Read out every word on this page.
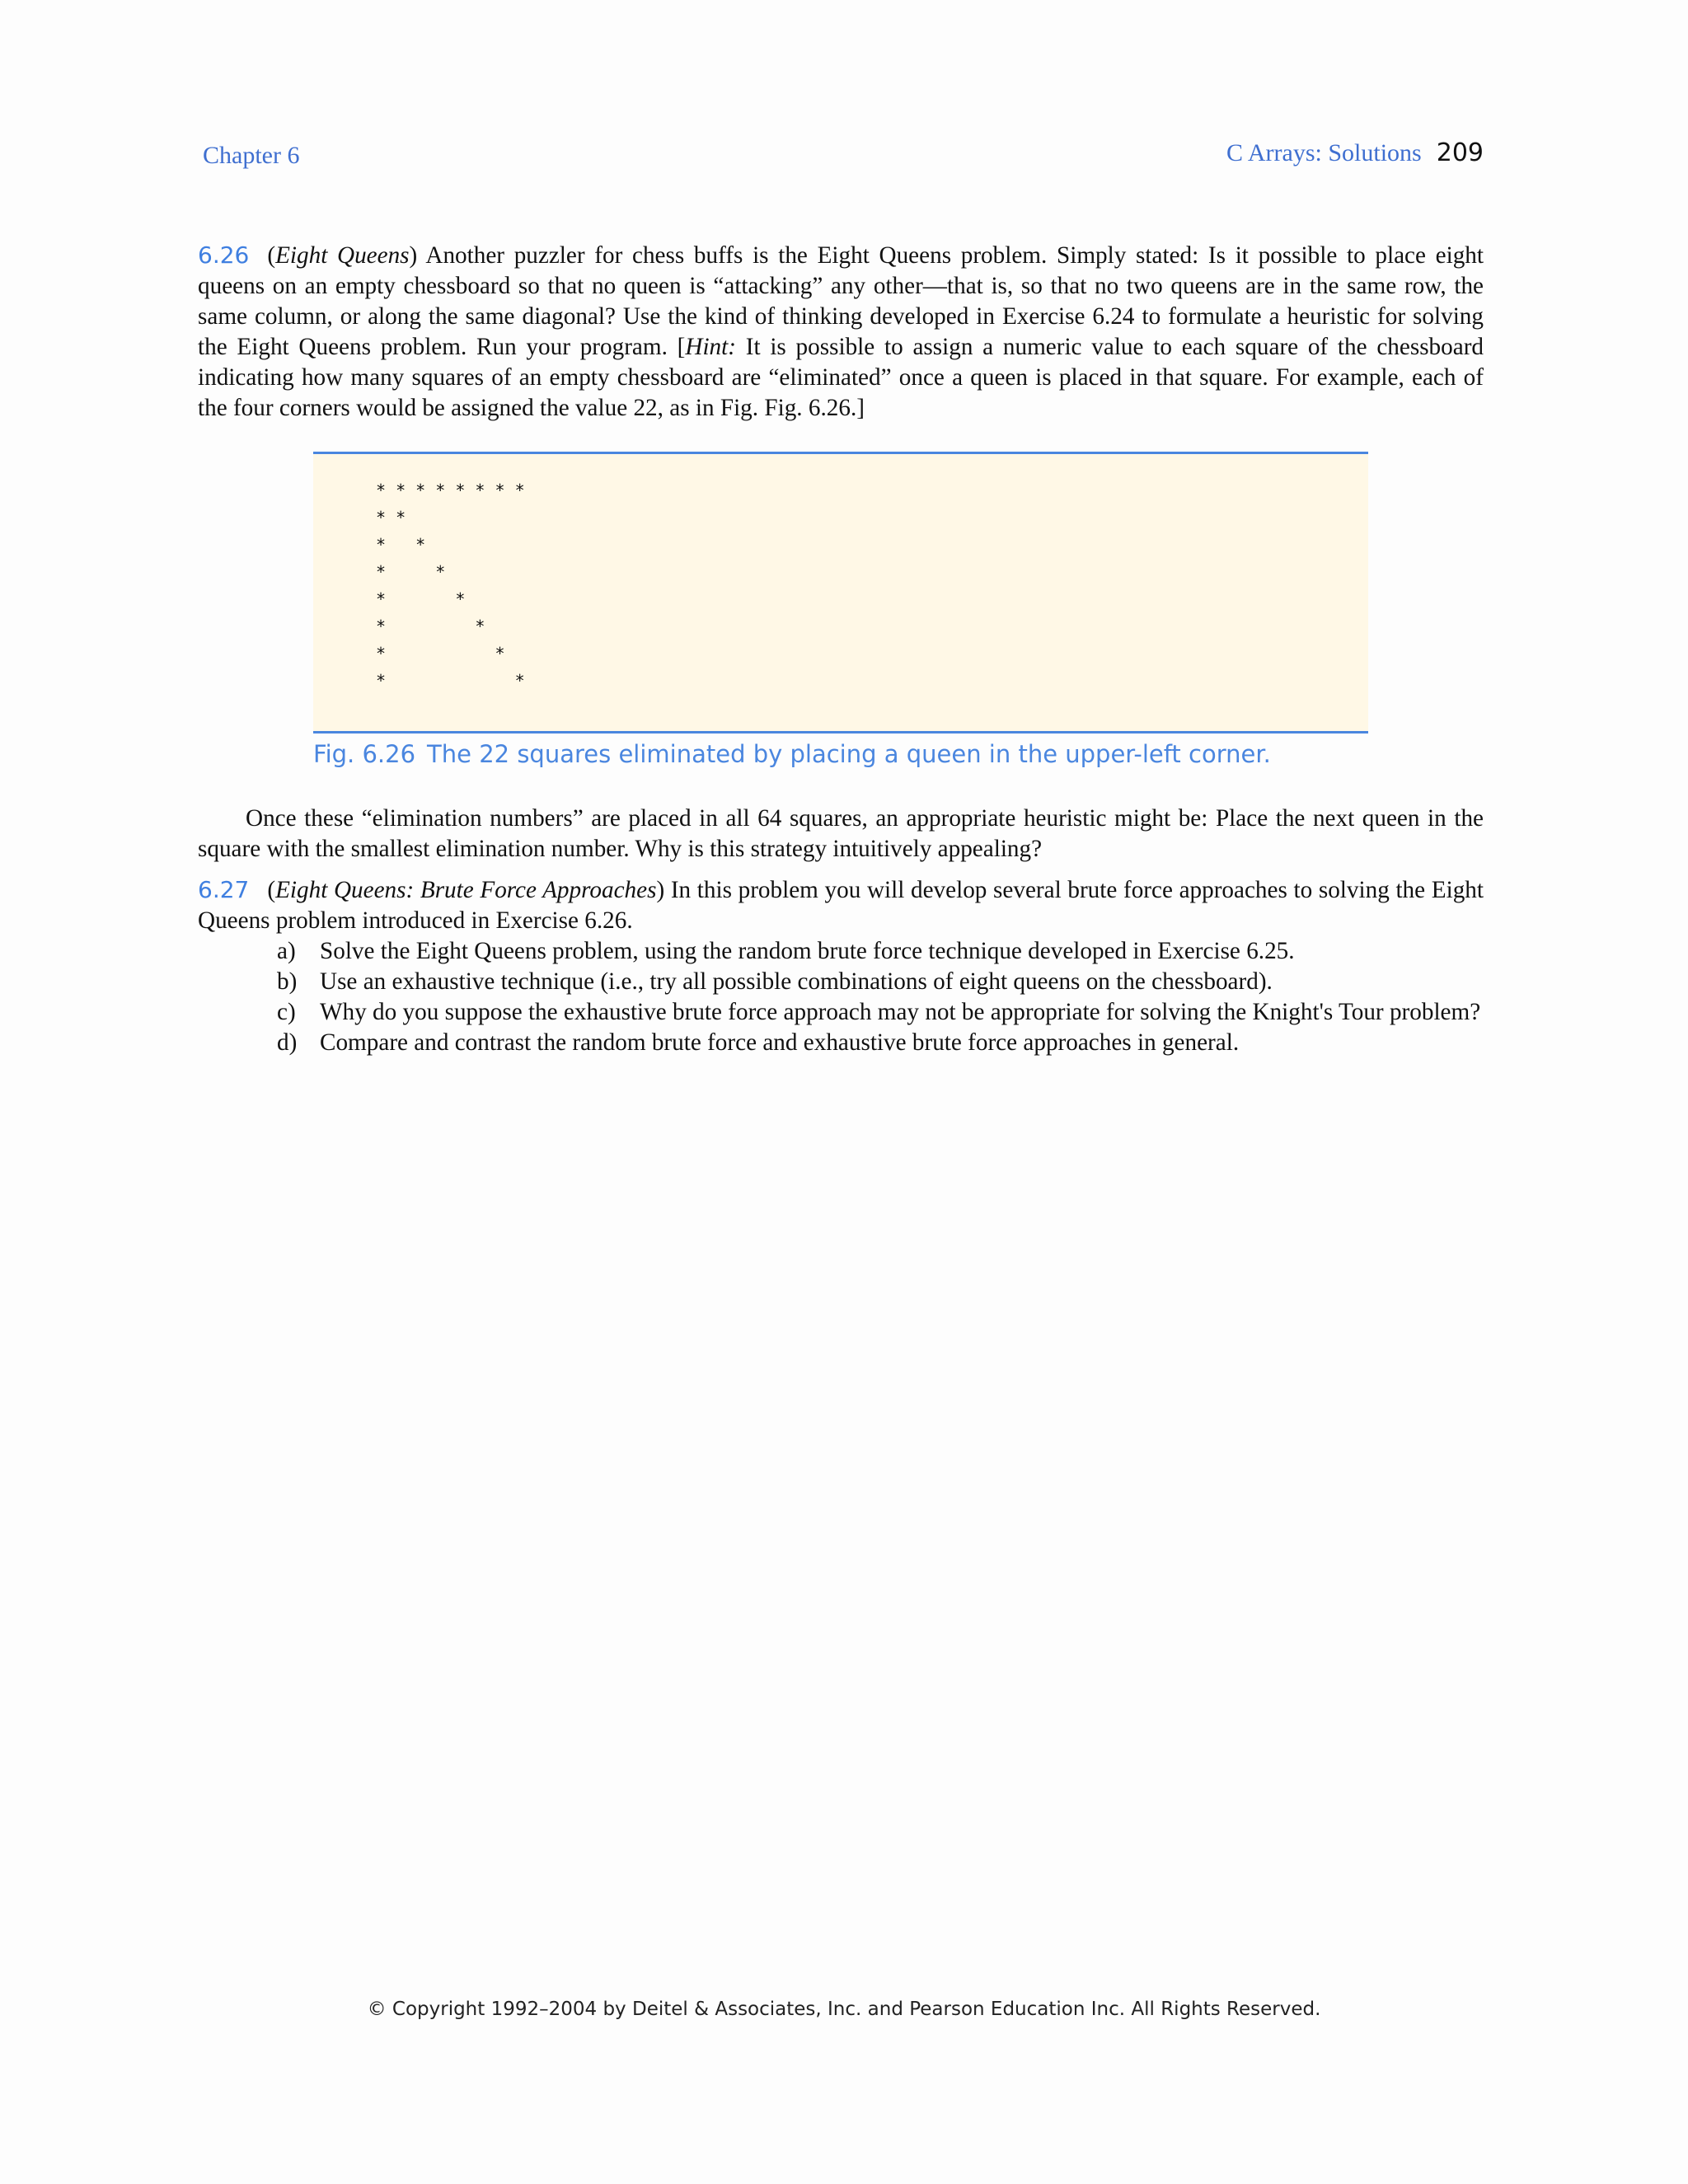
Chapter 6	C Arrays: Solutions 209

6.26 (Eight Queens) Another puzzler for chess buffs is the Eight Queens problem. Simply stated: Is it possible to place eight queens on an empty chessboard so that no queen is “attacking” any other—that is, so that no two queens are in the same row, the same column, or along the same diagonal? Use the kind of thinking developed in Exercise 6.24 to formulate a heuristic for solving the Eight Queens problem. Run your program. [Hint: It is possible to assign a numeric value to each square of the chessboard indicating how many squares of an empty chessboard are “eliminated” once a queen is placed in that square. For example, each of the four corners would be assigned the value 22, as in Fig. Fig. 6.26.]

* * * * * * * *
* *
*   *
*     *
*       *
*         *
*           *
*             *
Fig. 6.26 The 22 squares eliminated by placing a queen in the upper-left corner.

Once these “elimination numbers” are placed in all 64 squares, an appropriate heuristic might be: Place the next queen in the square with the smallest elimination number. Why is this strategy intuitively appealing?

6.27 (Eight Queens: Brute Force Approaches) In this problem you will develop several brute force approaches to solving the Eight Queens problem introduced in Exercise 6.26.

a) Solve the Eight Queens problem, using the random brute force technique developed in Exercise 6.25.
b) Use an exhaustive technique (i.e., try all possible combinations of eight queens on the chessboard).
c) Why do you suppose the exhaustive brute force approach may not be appropriate for solving the Knight's Tour problem?
d) Compare and contrast the random brute force and exhaustive brute force approaches in general.
© Copyright 1992–2004 by Deitel & Associates, Inc. and Pearson Education Inc. All Rights Reserved.
